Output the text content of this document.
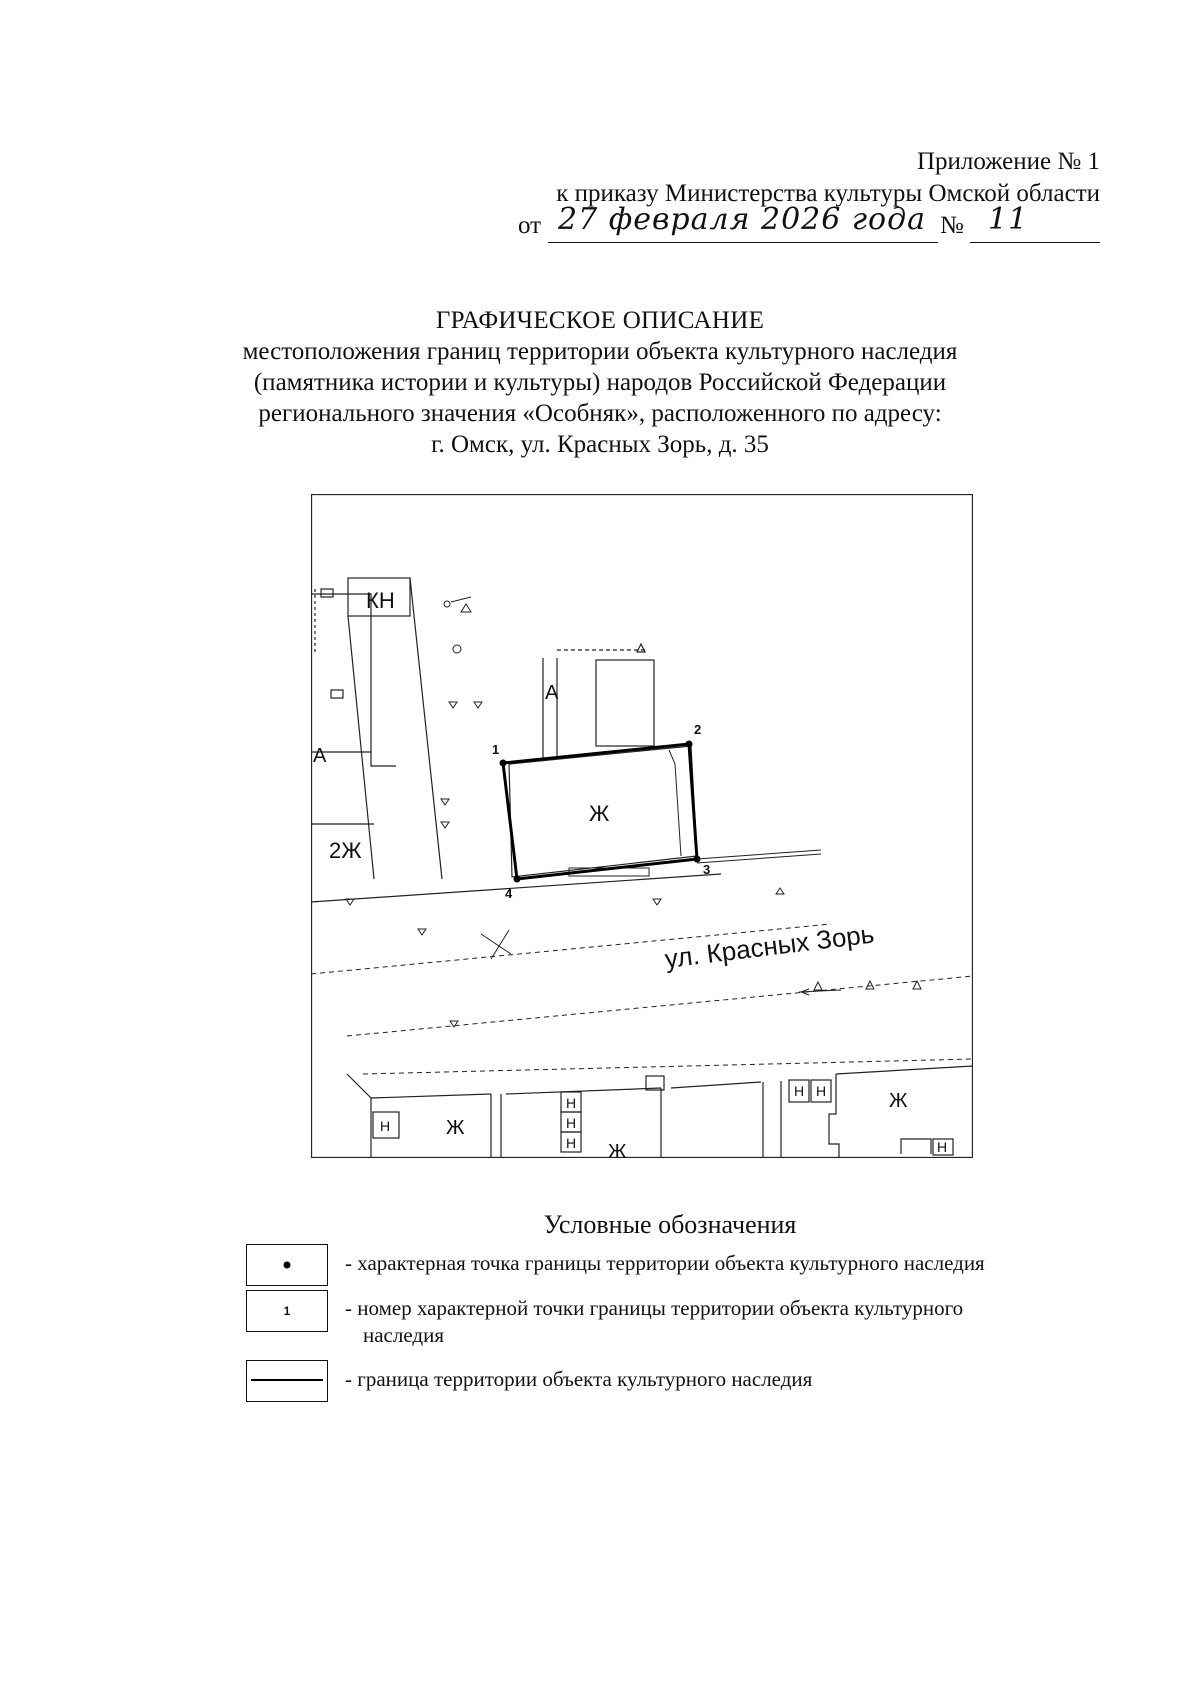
Приложение № 1
к приказу Министерства культуры Омской области
от 27 февраля 2026 года № 11
ГРАФИЧЕСКОЕ ОПИСАНИЕ
местоположения границ территории объекта культурного наследия
(памятника истории и культуры) народов Российской Федерации
регионального значения «Особняк», расположенного по адресу:
г. Омск, ул. Красных Зорь, д. 35
КН
А
2Ж
А
1
2
3
4
Ж
ул. Красных Зорь
Ж
Ж
Ж
Н
Н
Н
Н
Н Н
Н
Условные обозначения
- характерная точка границы территории объекта культурного наследия
1	- номер характерной точки границы территории объекта культурного
наследия
- граница территории объекта культурного наследия
